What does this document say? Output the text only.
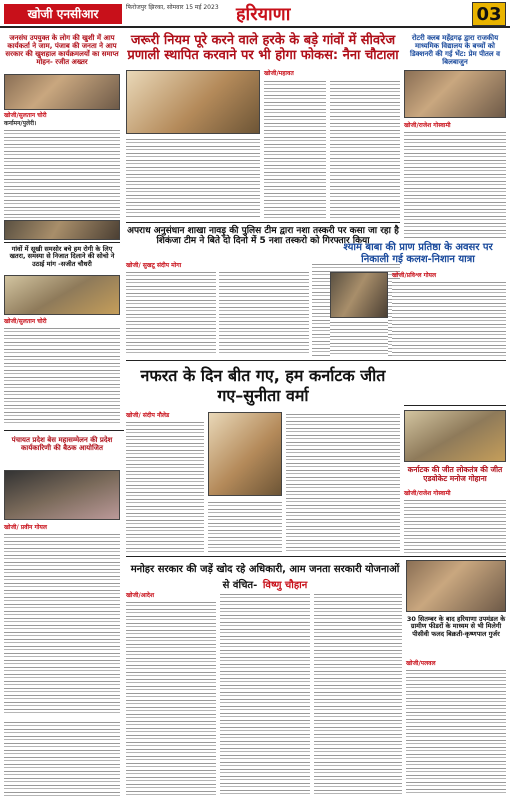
खोजी एनसीआर	फिरोजपुर झिरका, सोमवार 15 मई 2023 हरियाणा	03
जनसंघ उपयुक्त के लोग की खुशी में आप कार्यकर्ता ने जाम, पंजाब की जनता ने आप सरकार की खुशहाल कार्यक्रमलयों का समाप्त मोहन- रजीत अख्तर
खोजी/सुलतान चोरी
कर्नामन/पुलेरी।
गांवों में सूखी समसोर बचे हम रोगी के लिए खतरा, समस्या से निजात दिलाने की सोचो ने उठाई मांग -सजीत चौधरी
खोजी/सुलतान चोरी
जरूरी नियम पूरे करने वाले हरके के बड़े गांवों में सीवरेज प्रणाली स्थापित करवाने पर भी होगा फोकस: नैना चौटाला
खोजी/महावत
रोटरी क्लब महेंद्रगढ़ द्वारा राजकीय माध्यमिक विद्यालय के बच्चों को डिक्शनरी की गई भेंट: प्रेम पीतल व बिलबाजुन
खोजी/राजेश गोस्वामी
अपराध अनुसंधान शाखा नावड़ु की पुलिस टीम द्वारा नशा तस्करी पर कसा जा रहा है शिकंजा टीम ने बिते दो दिनो में 5 नशा तस्करो को गिरफ्तार किया
खोजी/ सुखटू संदीप मोगा
श्याम बाबा की प्राण प्रतिष्ठा के अवसर पर निकाली गई कलश-निशान यात्रा
खोजी/प्रविश्ल गोयल
नफरत के दिन बीत गए, हम कर्नाटक जीत गए–सुनीता वर्मा
पंचायत प्रदेश बेस महासम्मेलन की प्रदेश कार्यकारिणी की बैठक आयोजित
खोजी/ प्रवीन गोयल
खोजी/ संदीप नौलेड
कर्नाटक की जीत लोकतंत्र की जीत एडवोकेट मनोज गोहाना
खोजी/राजेश गोस्वामी
मनोहर सरकार की जड़ें खोद रहे अधिकारी, आम जनता सरकारी योजनाओं से वंचित- विष्णु चौहान
खोजी/आदेश
30 सितम्बर के बाद हरियाणा उपमंडल के ग्रामीण फीडरों के माध्यम से भी मिलेगी पीसीवी फलद बिक्रती-कृष्णपाल गुर्जर
खोजी/पलवल
